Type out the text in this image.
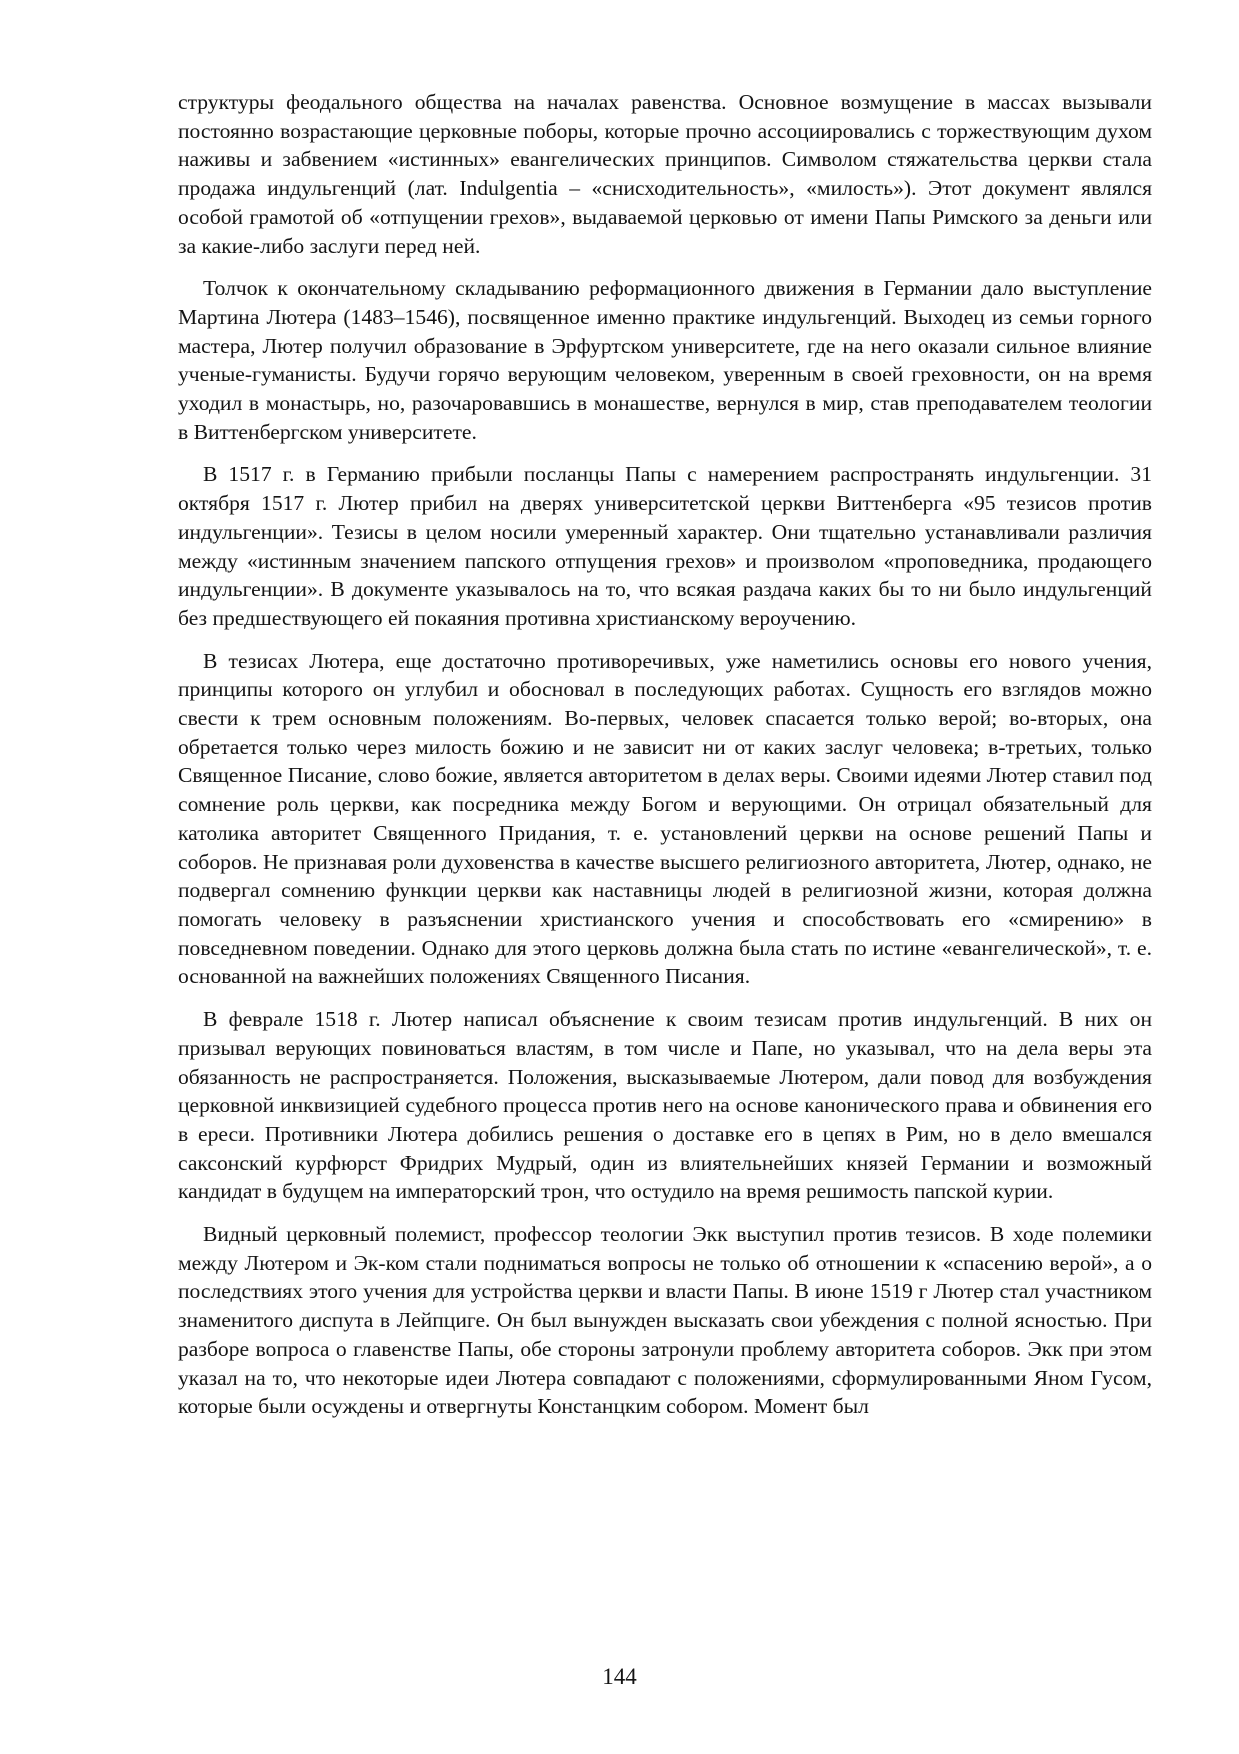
структуры феодального общества на началах равенства. Основное возмущение в массах вызывали постоянно возрастающие церковные поборы, которые прочно ассоциировались с торжествующим духом наживы и забвением «истинных» евангелических принципов. Символом стяжательства церкви стала продажа индульгенций (лат. Indulgentia – «снисходительность», «милость»). Этот документ являлся особой грамотой об «отпущении грехов», выдаваемой церковью от имени Папы Римского за деньги или за какие-либо заслуги перед ней.

Толчок к окончательному складыванию реформационного движения в Германии дало выступление Мартина Лютера (1483–1546), посвященное именно практике индульгенций. Выходец из семьи горного мастера, Лютер получил образование в Эрфуртском университете, где на него оказали сильное влияние ученые-гуманисты. Будучи горячо верующим человеком, уверенным в своей греховности, он на время уходил в монастырь, но, разочаровавшись в монашестве, вернулся в мир, став преподавателем теологии в Виттенбергском университете.

В 1517 г. в Германию прибыли посланцы Папы с намерением распространять индульгенции. 31 октября 1517 г. Лютер прибил на дверях университетской церкви Виттенберга «95 тезисов против индульгенции». Тезисы в целом носили умеренный характер. Они тщательно устанавливали различия между «истинным значением папского отпущения грехов» и произволом «проповедника, продающего индульгенции». В документе указывалось на то, что всякая раздача каких бы то ни было индульгенций без предшествующего ей покаяния противна христианскому вероучению.

В тезисах Лютера, еще достаточно противоречивых, уже наметились основы его нового учения, принципы которого он углубил и обосновал в последующих работах. Сущность его взглядов можно свести к трем основным положениям. Во-первых, человек спасается только верой; во-вторых, она обретается только через милость божию и не зависит ни от каких заслуг человека; в-третьих, только Священное Писание, слово божие, является авторитетом в делах веры. Своими идеями Лютер ставил под сомнение роль церкви, как посредника между Богом и верующими. Он отрицал обязательный для католика авторитет Священного Придания, т. е. установлений церкви на основе решений Папы и соборов. Не признавая роли духовенства в качестве высшего религиозного авторитета, Лютер, однако, не подвергал сомнению функции церкви как наставницы людей в религиозной жизни, которая должна помогать человеку в разъяснении христианского учения и способствовать его «смирению» в повседневном поведении. Однако для этого церковь должна была стать по истине «евангелической», т. е. основанной на важнейших положениях Священного Писания.

В феврале 1518 г. Лютер написал объяснение к своим тезисам против индульгенций. В них он призывал верующих повиноваться властям, в том числе и Папе, но указывал, что на дела веры эта обязанность не распространяется. Положения, высказываемые Лютером, дали повод для возбуждения церковной инквизицией судебного процесса против него на основе канонического права и обвинения его в ереси. Противники Лютера добились решения о доставке его в цепях в Рим, но в дело вмешался саксонский курфюрст Фридрих Мудрый, один из влиятельнейших князей Германии и возможный кандидат в будущем на императорский трон, что остудило на время решимость папской курии.

Видный церковный полемист, профессор теологии Экк выступил против тезисов. В ходе полемики между Лютером и Эк-ком стали подниматься вопросы не только об отношении к «спасению верой», а о последствиях этого учения для устройства церкви и власти Папы. В июне 1519 г Лютер стал участником знаменитого диспута в Лейпциге. Он был вынужден высказать свои убеждения с полной ясностью. При разборе вопроса о главенстве Папы, обе стороны затронули проблему авторитета соборов. Экк при этом указал на то, что некоторые идеи Лютера совпадают с положениями, сформулированными Яном Гусом, которые были осуждены и отвергнуты Констанцким собором. Момент был

144
